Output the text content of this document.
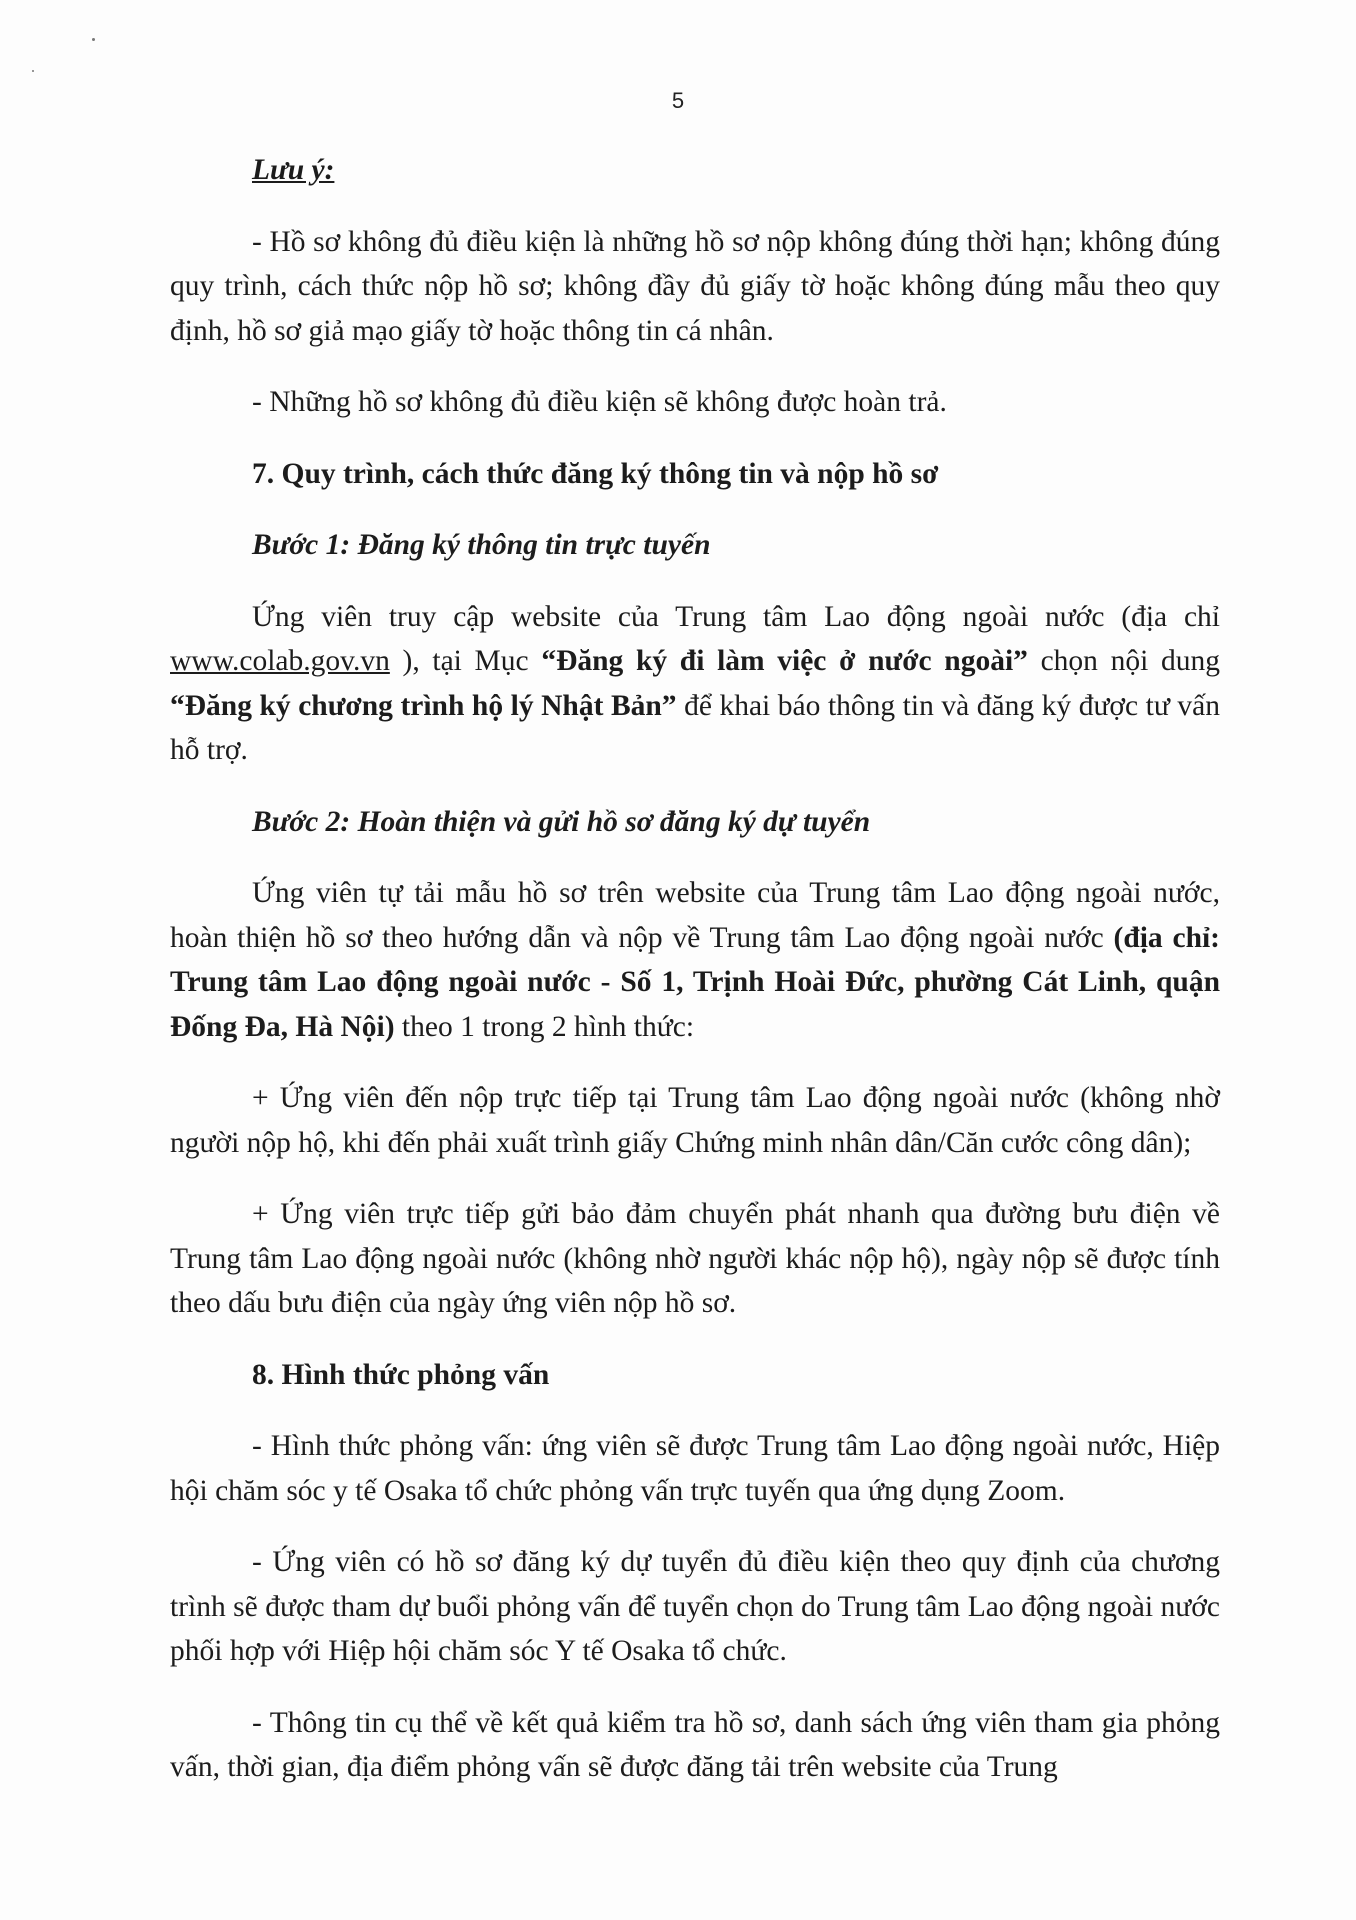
5

Lưu ý:

- Hồ sơ không đủ điều kiện là những hồ sơ nộp không đúng thời hạn; không đúng quy trình, cách thức nộp hồ sơ; không đầy đủ giấy tờ hoặc không đúng mẫu theo quy định, hồ sơ giả mạo giấy tờ hoặc thông tin cá nhân.

- Những hồ sơ không đủ điều kiện sẽ không được hoàn trả.

7. Quy trình, cách thức đăng ký thông tin và nộp hồ sơ

Bước 1: Đăng ký thông tin trực tuyến

Ứng viên truy cập website của Trung tâm Lao động ngoài nước (địa chỉ www.colab.gov.vn ), tại Mục “Đăng ký đi làm việc ở nước ngoài” chọn nội dung “Đăng ký chương trình hộ lý Nhật Bản” để khai báo thông tin và đăng ký được tư vấn hỗ trợ.

Bước 2: Hoàn thiện và gửi hồ sơ đăng ký dự tuyển

Ứng viên tự tải mẫu hồ sơ trên website của Trung tâm Lao động ngoài nước, hoàn thiện hồ sơ theo hướng dẫn và nộp về Trung tâm Lao động ngoài nước (địa chỉ: Trung tâm Lao động ngoài nước - Số 1, Trịnh Hoài Đức, phường Cát Linh, quận Đống Đa, Hà Nội) theo 1 trong 2 hình thức:

+ Ứng viên đến nộp trực tiếp tại Trung tâm Lao động ngoài nước (không nhờ người nộp hộ, khi đến phải xuất trình giấy Chứng minh nhân dân/Căn cước công dân);

+ Ứng viên trực tiếp gửi bảo đảm chuyển phát nhanh qua đường bưu điện về Trung tâm Lao động ngoài nước (không nhờ người khác nộp hộ), ngày nộp sẽ được tính theo dấu bưu điện của ngày ứng viên nộp hồ sơ.

8. Hình thức phỏng vấn

- Hình thức phỏng vấn: ứng viên sẽ được Trung tâm Lao động ngoài nước, Hiệp hội chăm sóc y tế Osaka tổ chức phỏng vấn trực tuyến qua ứng dụng Zoom.

- Ứng viên có hồ sơ đăng ký dự tuyển đủ điều kiện theo quy định của chương trình sẽ được tham dự buổi phỏng vấn để tuyển chọn do Trung tâm Lao động ngoài nước phối hợp với Hiệp hội chăm sóc Y tế Osaka tổ chức.

- Thông tin cụ thể về kết quả kiểm tra hồ sơ, danh sách ứng viên tham gia phỏng vấn, thời gian, địa điểm phỏng vấn sẽ được đăng tải trên website của Trung
